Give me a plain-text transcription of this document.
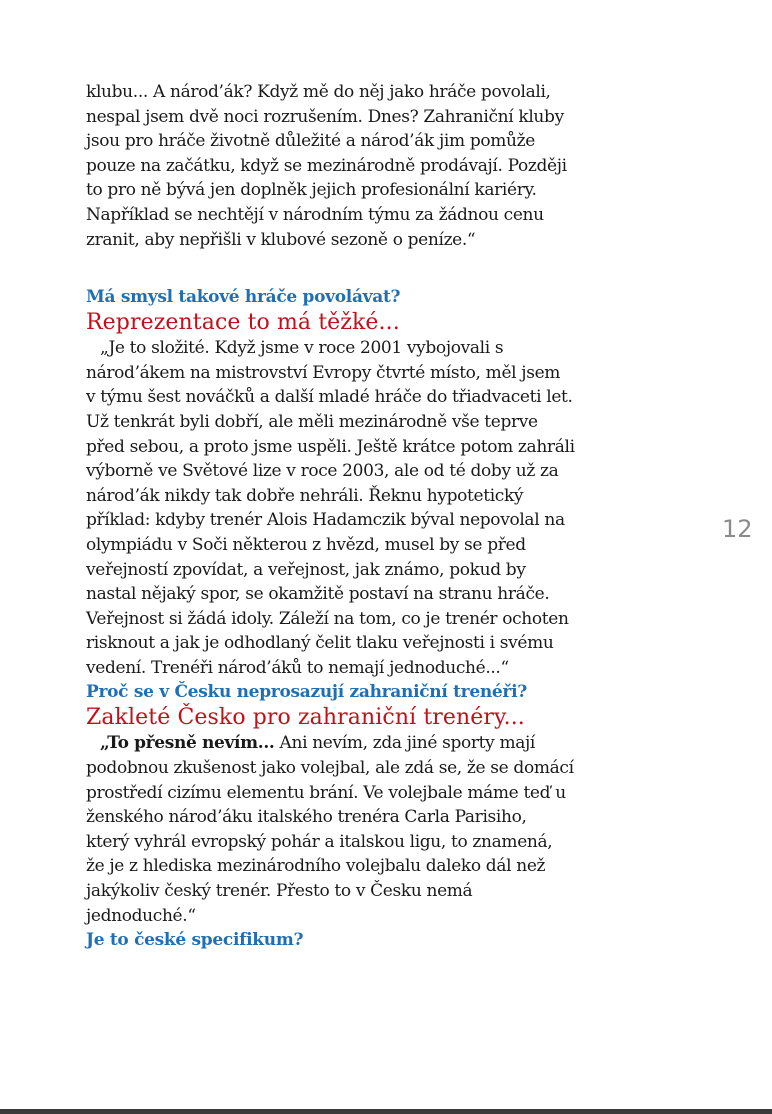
klubu... A národ’ák? Když mě do něj jako hráče povolali,
nespal jsem dvě noci rozrušením. Dnes? Zahraniční kluby
jsou pro hráče životně důležité a národ’ák jim pomůže
pouze na začátku, když se mezinárodně prodávají. Později
to pro ně bývá jen doplněk jejich profesionální kariéry.
Například se nechtějí v národním týmu za žádnou cenu
zranit, aby nepřišli v klubové sezoně o peníze.“

Má smysl takové hráče povolávat?

Reprezentace to má těžké...

„Je to složité. Když jsme v roce 2001 vybojovali s
národ’ákem na mistrovství Evropy čtvrté místo, měl jsem
v týmu šest nováčků a další mladé hráče do třiadvaceti let.
Už tenkrát byli dobří, ale měli mezinárodně vše teprve
před sebou, a proto jsme uspěli. Ještě krátce potom zahráli
výborně ve Světové lize v roce 2003, ale od té doby už za
národ’ák nikdy tak dobře nehráli. Řeknu hypotetický
příklad: kdyby trenér Alois Hadamczik býval nepovolal na
olympiádu v Soči některou z hvězd, musel by se před
veřejností zpovídat, a veřejnost, jak známo, pokud by
nastal nějaký spor, se okamžitě postaví na stranu hráče.
Veřejnost si žádá idoly. Záleží na tom, co je trenér ochoten
risknout a jak je odhodlaný čelit tlaku veřejnosti i svému
vedení. Trenéři národ’áků to nemají jednoduché...“

Proč se v Česku neprosazují zahraniční trenéři?

Zakleté Česko pro zahraniční trenéry...

„To přesně nevím... Ani nevím, zda jiné sporty mají
podobnou zkušenost jako volejbal, ale zdá se, že se domácí
prostředí cizímu elementu brání. Ve volejbale máme teď u
ženského národ’áku italského trenéra Carla Parisiho,
který vyhrál evropský pohár a italskou ligu, to znamená,
že je z hlediska mezinárodního volejbalu daleko dál než
jakýkoliv český trenér. Přesto to v Česku nemá
jednoduché.“

Je to české specifikum?

12
